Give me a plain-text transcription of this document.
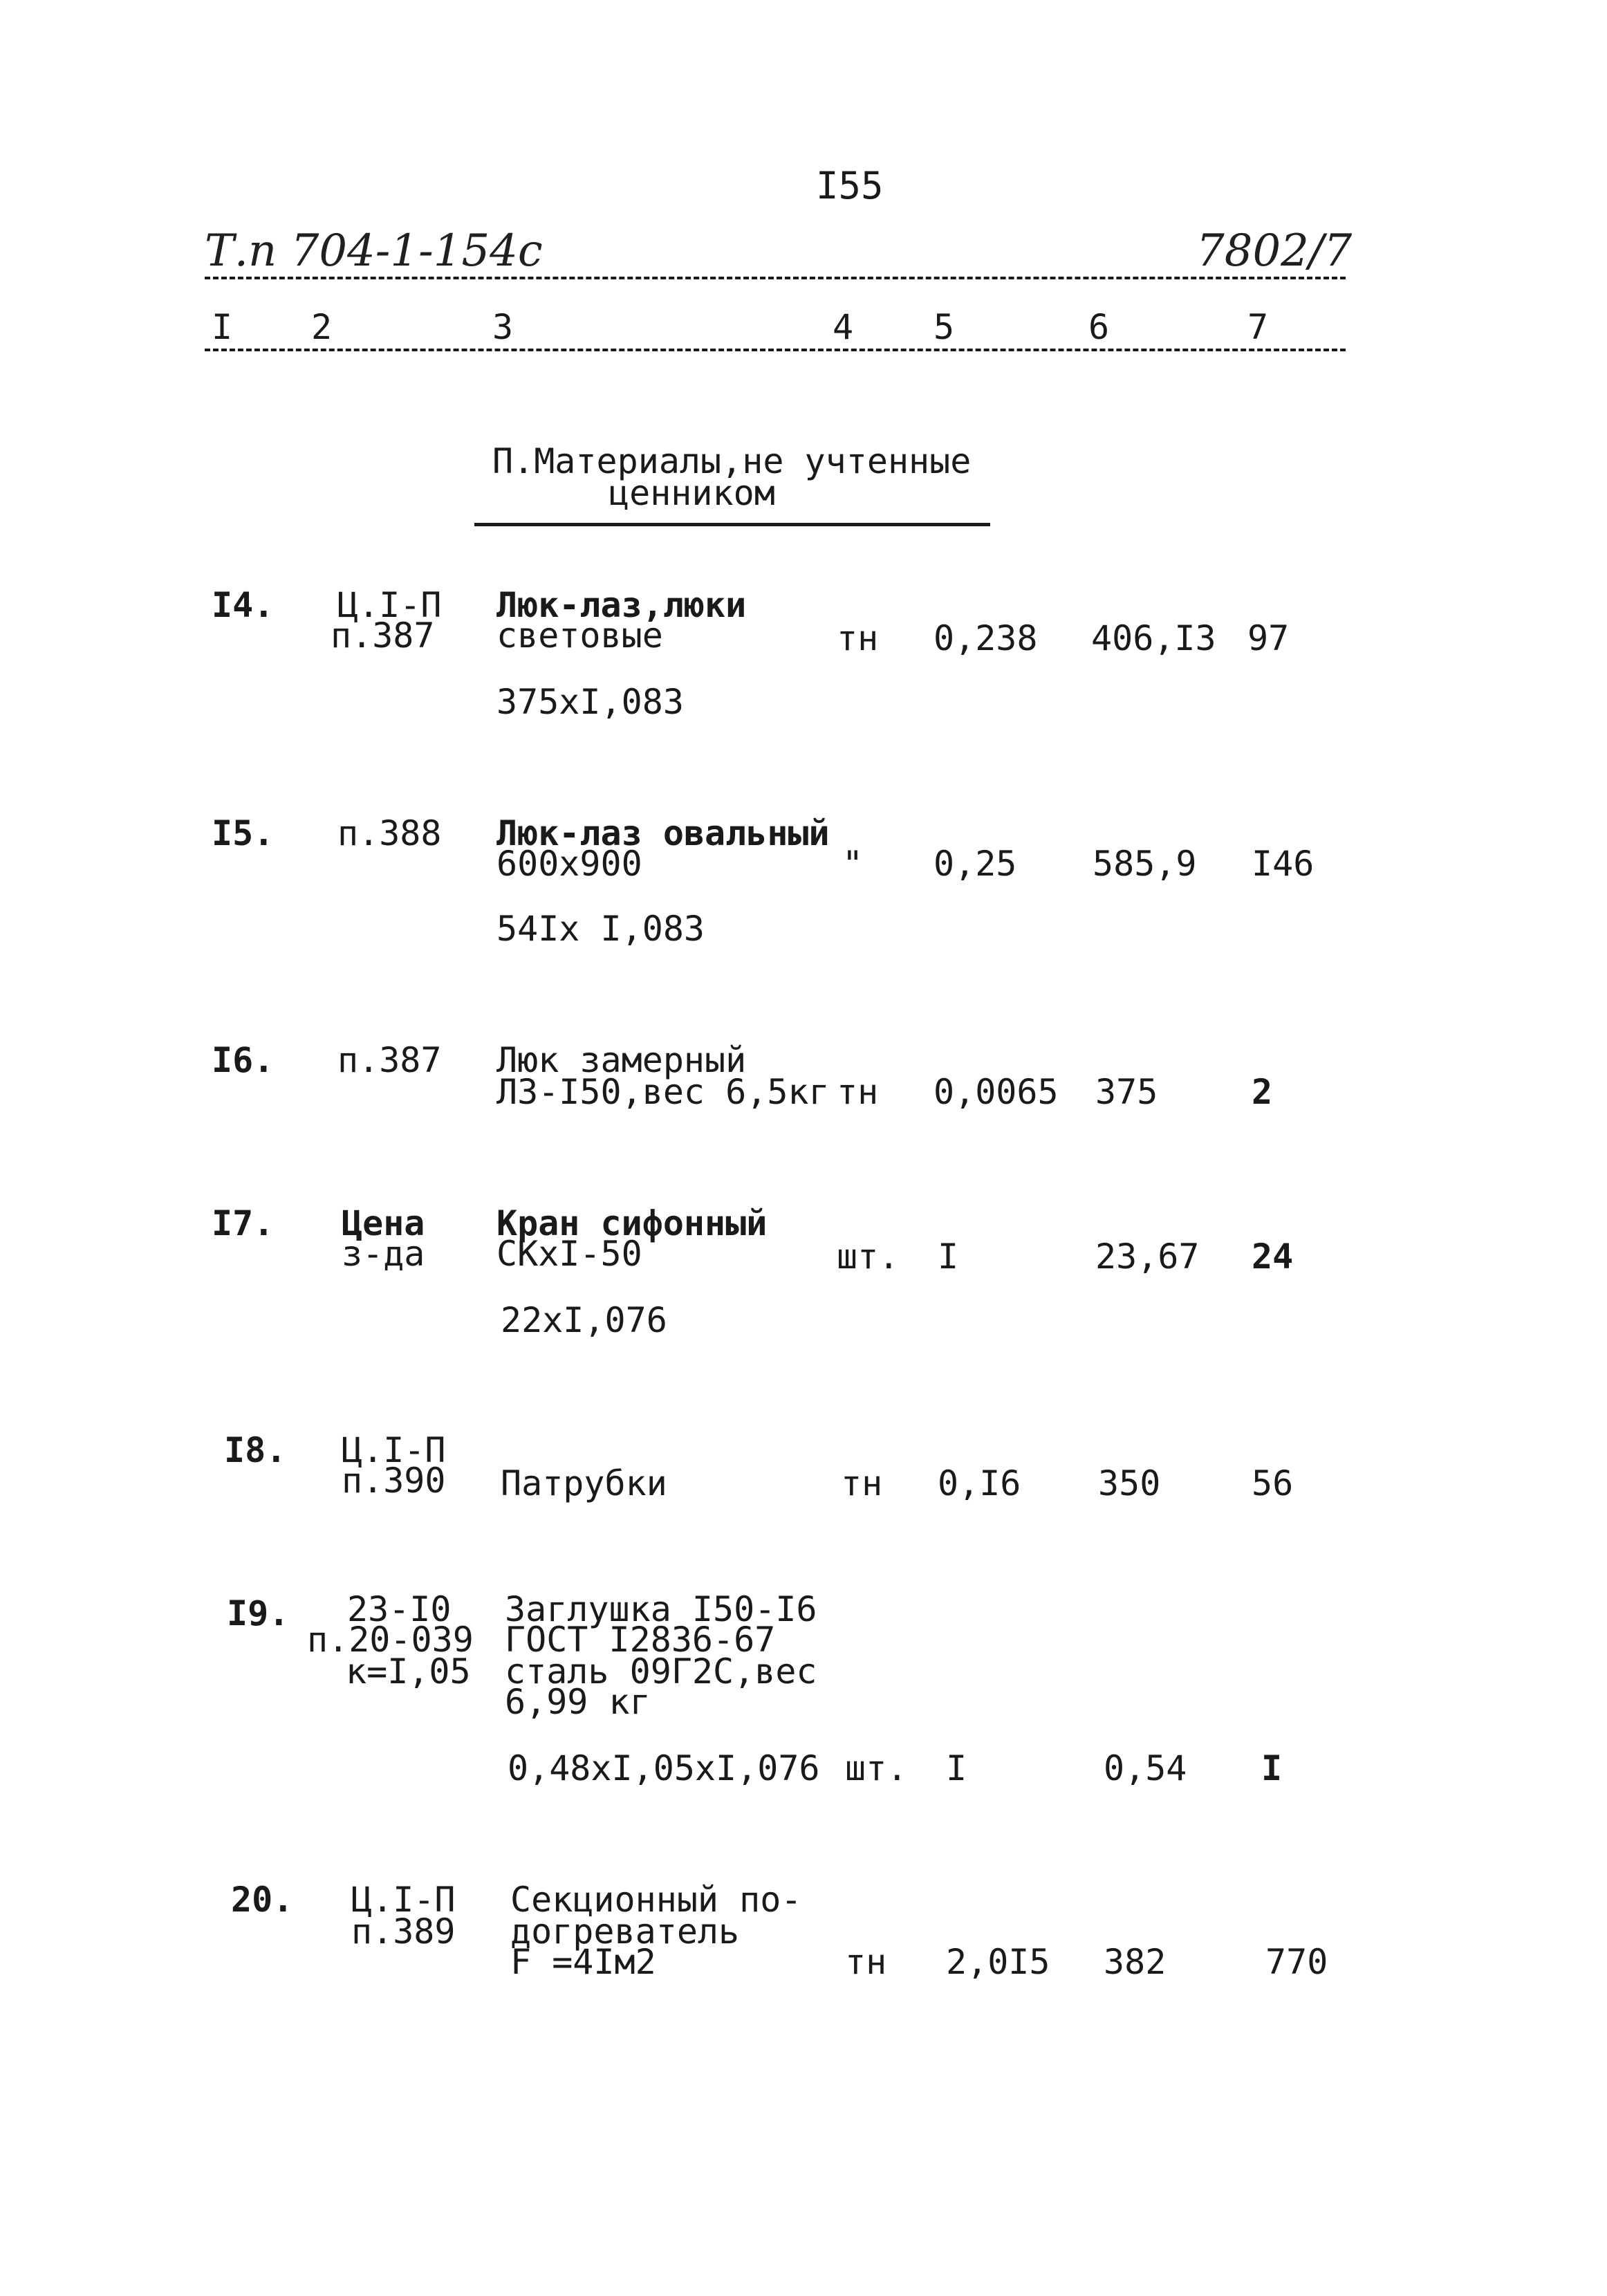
I55
Т.п 704-1-154с	7802/7
I 2	3	4 5	6	7
П.Материалы,не учтенные
ценником
I4. Ц.I-П
п.387
Люк-лаз,люки
световые	тн 0,238 406,I3 97
375хI,083
I5. п.388 Люк-лаз овальный
600х900	" 0,25 585,9 I46
54Iх I,083
I6. п.387 Люк замерный
ЛЗ-I50,вес 6,5кг тн 0,0065 375	2
I7. Цена
з-да
Кран сифонный
СКхI-50	шт. I	23,67 24
22хI,076
I8. Ц.I-П
п.390 Патрубки	тн 0,I6 350	56
I9. 23-I0
п.20-039
к=I,05
Заглушка I50-I6
ГОСТ I2836-67
сталь 09Г2С,вес
6,99 кг
0,48хI,05хI,076 шт. I	0,54 I
20. Ц.I-П
п.389
Секционный по-
догреватель
F =4Iм2	тн 2,0I5 382	770
